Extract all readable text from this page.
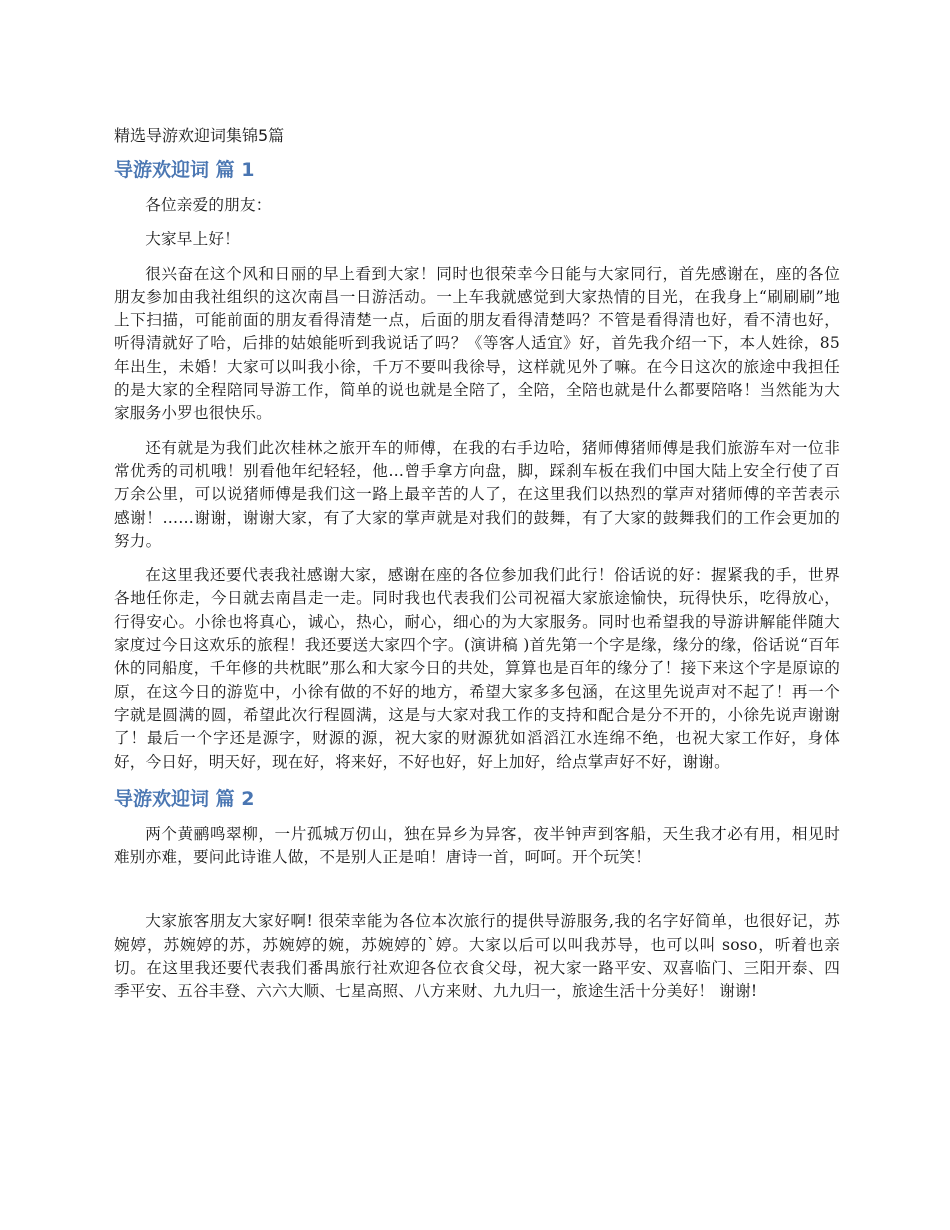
精选导游欢迎词集锦5篇
导游欢迎词 篇 1

各位亲爱的朋友：

大家早上好！

很兴奋在这个风和日丽的早上看到大家！同时也很荣幸今日能与大家同行，首先感谢在，座的各位朋友参加由我社组织的这次南昌一日游活动。一上车我就感觉到大家热情的目光，在我身上“刷刷刷”地上下扫描，可能前面的朋友看得清楚一点，后面的朋友看得清楚吗？不管是看得清也好，看不清也好，听得清就好了哈，后排的姑娘能听到我说话了吗？《等客人适宜》好，首先我介绍一下，本人姓徐，85年出生，未婚！大家可以叫我小徐，千万不要叫我徐导，这样就见外了嘛。在今日这次的旅途中我担任的是大家的全程陪同导游工作，简单的说也就是全陪了，全陪，全陪也就是什么都要陪咯！当然能为大家服务小罗也很快乐。

还有就是为我们此次桂林之旅开车的师傅，在我的右手边哈，猪师傅猪师傅是我们旅游车对一位非常优秀的司机哦！别看他年纪轻轻，他…曾手拿方向盘，脚，踩刹车板在我们中国大陆上安全行使了百万余公里，可以说猪师傅是我们这一路上最辛苦的人了，在这里我们以热烈的掌声对猪师傅的辛苦表示感谢！……谢谢，谢谢大家，有了大家的掌声就是对我们的鼓舞，有了大家的鼓舞我们的工作会更加的努力。

在这里我还要代表我社感谢大家，感谢在座的各位参加我们此行！俗话说的好：握紧我的手，世界各地任你走，今日就去南昌走一走。同时我也代表我们公司祝福大家旅途愉快，玩得快乐，吃得放心，行得安心。小徐也将真心，诚心，热心，耐心，细心的为大家服务。同时也希望我的导游讲解能伴随大家度过今日这欢乐的旅程！我还要送大家四个字。(演讲稿 )首先第一个字是缘，缘分的缘，俗话说“百年休的同船度，千年修的共枕眠”那么和大家今日的共处，算算也是百年的缘分了！接下来这个字是原谅的原，在这今日的游览中，小徐有做的不好的地方，希望大家多多包涵，在这里先说声对不起了！再一个字就是圆满的圆，希望此次行程圆满，这是与大家对我工作的支持和配合是分不开的，小徐先说声谢谢了！最后一个字还是源字，财源的源，祝大家的财源犹如滔滔江水连绵不绝，也祝大家工作好，身体好，今日好，明天好，现在好，将来好，不好也好，好上加好，给点掌声好不好，谢谢。

导游欢迎词 篇 2

两个黄鹂鸣翠柳，一片孤城万仞山，独在异乡为异客，夜半钟声到客船，天生我才必有用，相见时难别亦难，要问此诗谁人做，不是别人正是咱！唐诗一首，呵呵。开个玩笑！

大家旅客朋友大家好啊! 很荣幸能为各位本次旅行的提供导游服务,我的名字好简单，也很好记，苏婉婷，苏婉婷的苏，苏婉婷的婉，苏婉婷的`婷。大家以后可以叫我苏导，也可以叫 soso，听着也亲切。在这里我还要代表我们番禺旅行社欢迎各位衣食父母，祝大家一路平安、双喜临门、三阳开泰、四季平安、五谷丰登、六六大顺、七星高照、八方来财、九九归一，旅途生活十分美好！ 谢谢!
